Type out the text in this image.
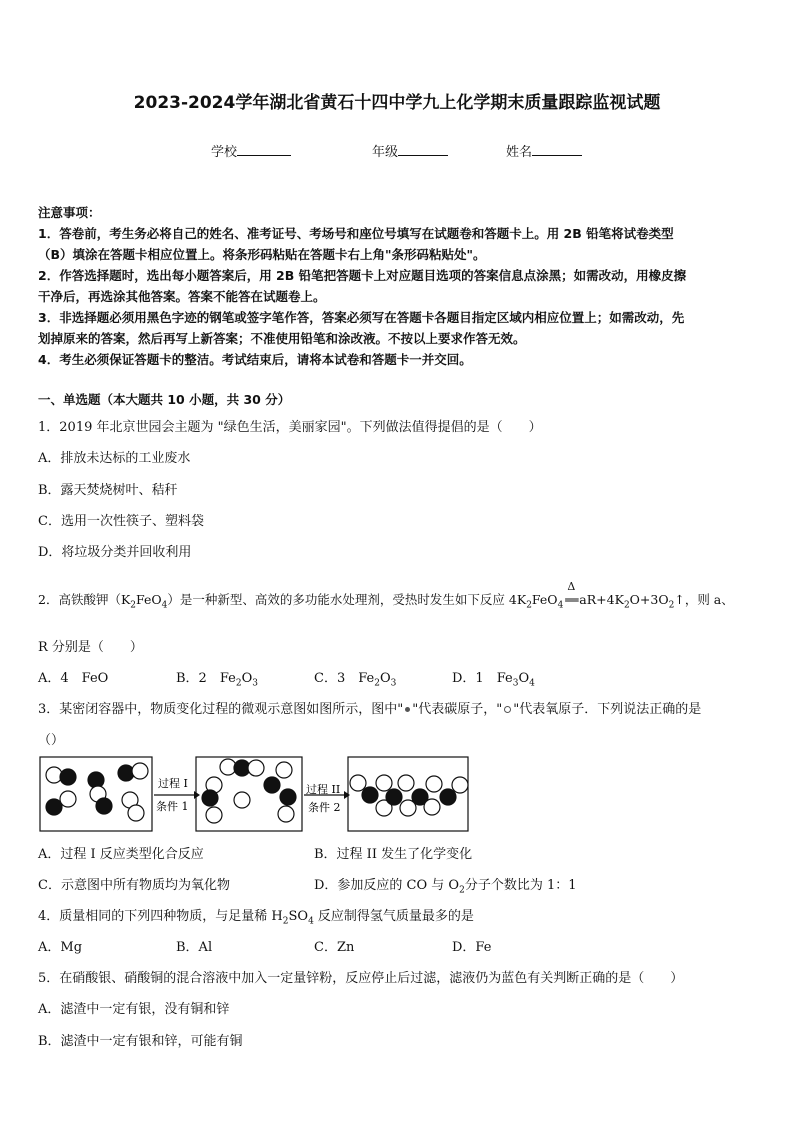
2023-2024学年湖北省黄石十四中学九上化学期末质量跟踪监视试题
学校	年级	姓名
注意事项：
1．答卷前，考生务必将自己的姓名、准考证号、考场号和座位号填写在试题卷和答题卡上。用 2B 铅笔将试卷类型
（B）填涂在答题卡相应位置上。将条形码粘贴在答题卡右上角"条形码粘贴处"。
2．作答选择题时，选出每小题答案后，用 2B 铅笔把答题卡上对应题目选项的答案信息点涂黑；如需改动，用橡皮擦
干净后，再选涂其他答案。答案不能答在试题卷上。
3．非选择题必须用黑色字迹的钢笔或签字笔作答，答案必须写在答题卡各题目指定区域内相应位置上；如需改动，先
划掉原来的答案，然后再写上新答案；不准使用铅笔和涂改液。不按以上要求作答无效。
4．考生必须保证答题卡的整洁。考试结束后，请将本试卷和答题卡一并交回。
一、单选题（本大题共 10 小题，共 30 分）
1．2019 年北京世园会主题为 "绿色生活，美丽家园"。下列做法值得提倡的是（　　）
A．排放未达标的工业废水
B．露天焚烧树叶、秸秆
C．选用一次性筷子、塑料袋
D．将垃圾分类并回收利用
2．高铁酸钾$(K_2FeO_4)$是一种新型、高效的多功能水处理剂，受热时发生如下反应 $4K_2FeO_4$
Δ
══ $aR+4K_2O+3O_2↑$，则 a、
R 分别是（　　）
A．4　FeO	B．2　$Fe_2O_3$	C．3　$Fe_2O_3$	D．1　$Fe_3O_4$
3．某密闭容器中，物质变化过程的微观示意图如图所示，图中" "代表碳原子，" "代表氧原子．下列说法正确的是
（）
过程 I
条件 1
过程 II
条件 2
A．过程 I 反应类型化合反应	B．过程 II 发生了化学变化
C．示意图中所有物质均为氧化物	D．参加反应的 CO 与 $O_2$分子个数比为 1：1
4．质量相同的下列四种物质，与足量稀 $H_2SO_4$ 反应制得氢气质量最多的是
A．Mg	B．Al	C．Zn	D．Fe
5．在硝酸银、硝酸铜的混合溶液中加入一定量锌粉，反应停止后过滤，滤液仍为蓝色有关判断正确的是（　　）
A．滤渣中一定有银，没有铜和锌
B．滤渣中一定有银和锌，可能有铜
